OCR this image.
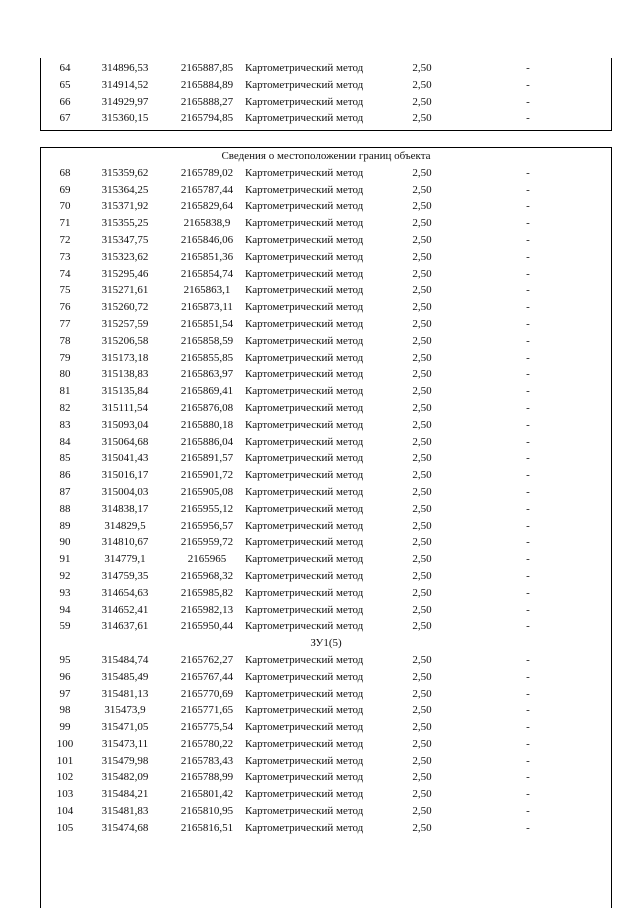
64	314896,53	2165887,85	Картометрический метод	2,50	-
65	314914,52	2165884,89	Картометрический метод	2,50	-
66	314929,97	2165888,27	Картометрический метод	2,50	-
67	315360,15	2165794,85	Картометрический метод	2,50	-
Сведения о местоположении границ объекта
68	315359,62	2165789,02	Картометрический метод	2,50	-
69	315364,25	2165787,44	Картометрический метод	2,50	-
70	315371,92	2165829,64	Картометрический метод	2,50	-
71	315355,25	2165838,9	Картометрический метод	2,50	-
72	315347,75	2165846,06	Картометрический метод	2,50	-
73	315323,62	2165851,36	Картометрический метод	2,50	-
74	315295,46	2165854,74	Картометрический метод	2,50	-
75	315271,61	2165863,1	Картометрический метод	2,50	-
76	315260,72	2165873,11	Картометрический метод	2,50	-
77	315257,59	2165851,54	Картометрический метод	2,50	-
78	315206,58	2165858,59	Картометрический метод	2,50	-
79	315173,18	2165855,85	Картометрический метод	2,50	-
80	315138,83	2165863,97	Картометрический метод	2,50	-
81	315135,84	2165869,41	Картометрический метод	2,50	-
82	315111,54	2165876,08	Картометрический метод	2,50	-
83	315093,04	2165880,18	Картометрический метод	2,50	-
84	315064,68	2165886,04	Картометрический метод	2,50	-
85	315041,43	2165891,57	Картометрический метод	2,50	-
86	315016,17	2165901,72	Картометрический метод	2,50	-
87	315004,03	2165905,08	Картометрический метод	2,50	-
88	314838,17	2165955,12	Картометрический метод	2,50	-
89	314829,5	2165956,57	Картометрический метод	2,50	-
90	314810,67	2165959,72	Картометрический метод	2,50	-
91	314779,1	2165965	Картометрический метод	2,50	-
92	314759,35	2165968,32	Картометрический метод	2,50	-
93	314654,63	2165985,82	Картометрический метод	2,50	-
94	314652,41	2165982,13	Картометрический метод	2,50	-
59	314637,61	2165950,44	Картометрический метод	2,50	-
ЗУ1(5)
95	315484,74	2165762,27	Картометрический метод	2,50	-
96	315485,49	2165767,44	Картометрический метод	2,50	-
97	315481,13	2165770,69	Картометрический метод	2,50	-
98	315473,9	2165771,65	Картометрический метод	2,50	-
99	315471,05	2165775,54	Картометрический метод	2,50	-
100	315473,11	2165780,22	Картометрический метод	2,50	-
101	315479,98	2165783,43	Картометрический метод	2,50	-
102	315482,09	2165788,99	Картометрический метод	2,50	-
103	315484,21	2165801,42	Картометрический метод	2,50	-
104	315481,83	2165810,95	Картометрический метод	2,50	-
105	315474,68	2165816,51	Картометрический метод	2,50	-
